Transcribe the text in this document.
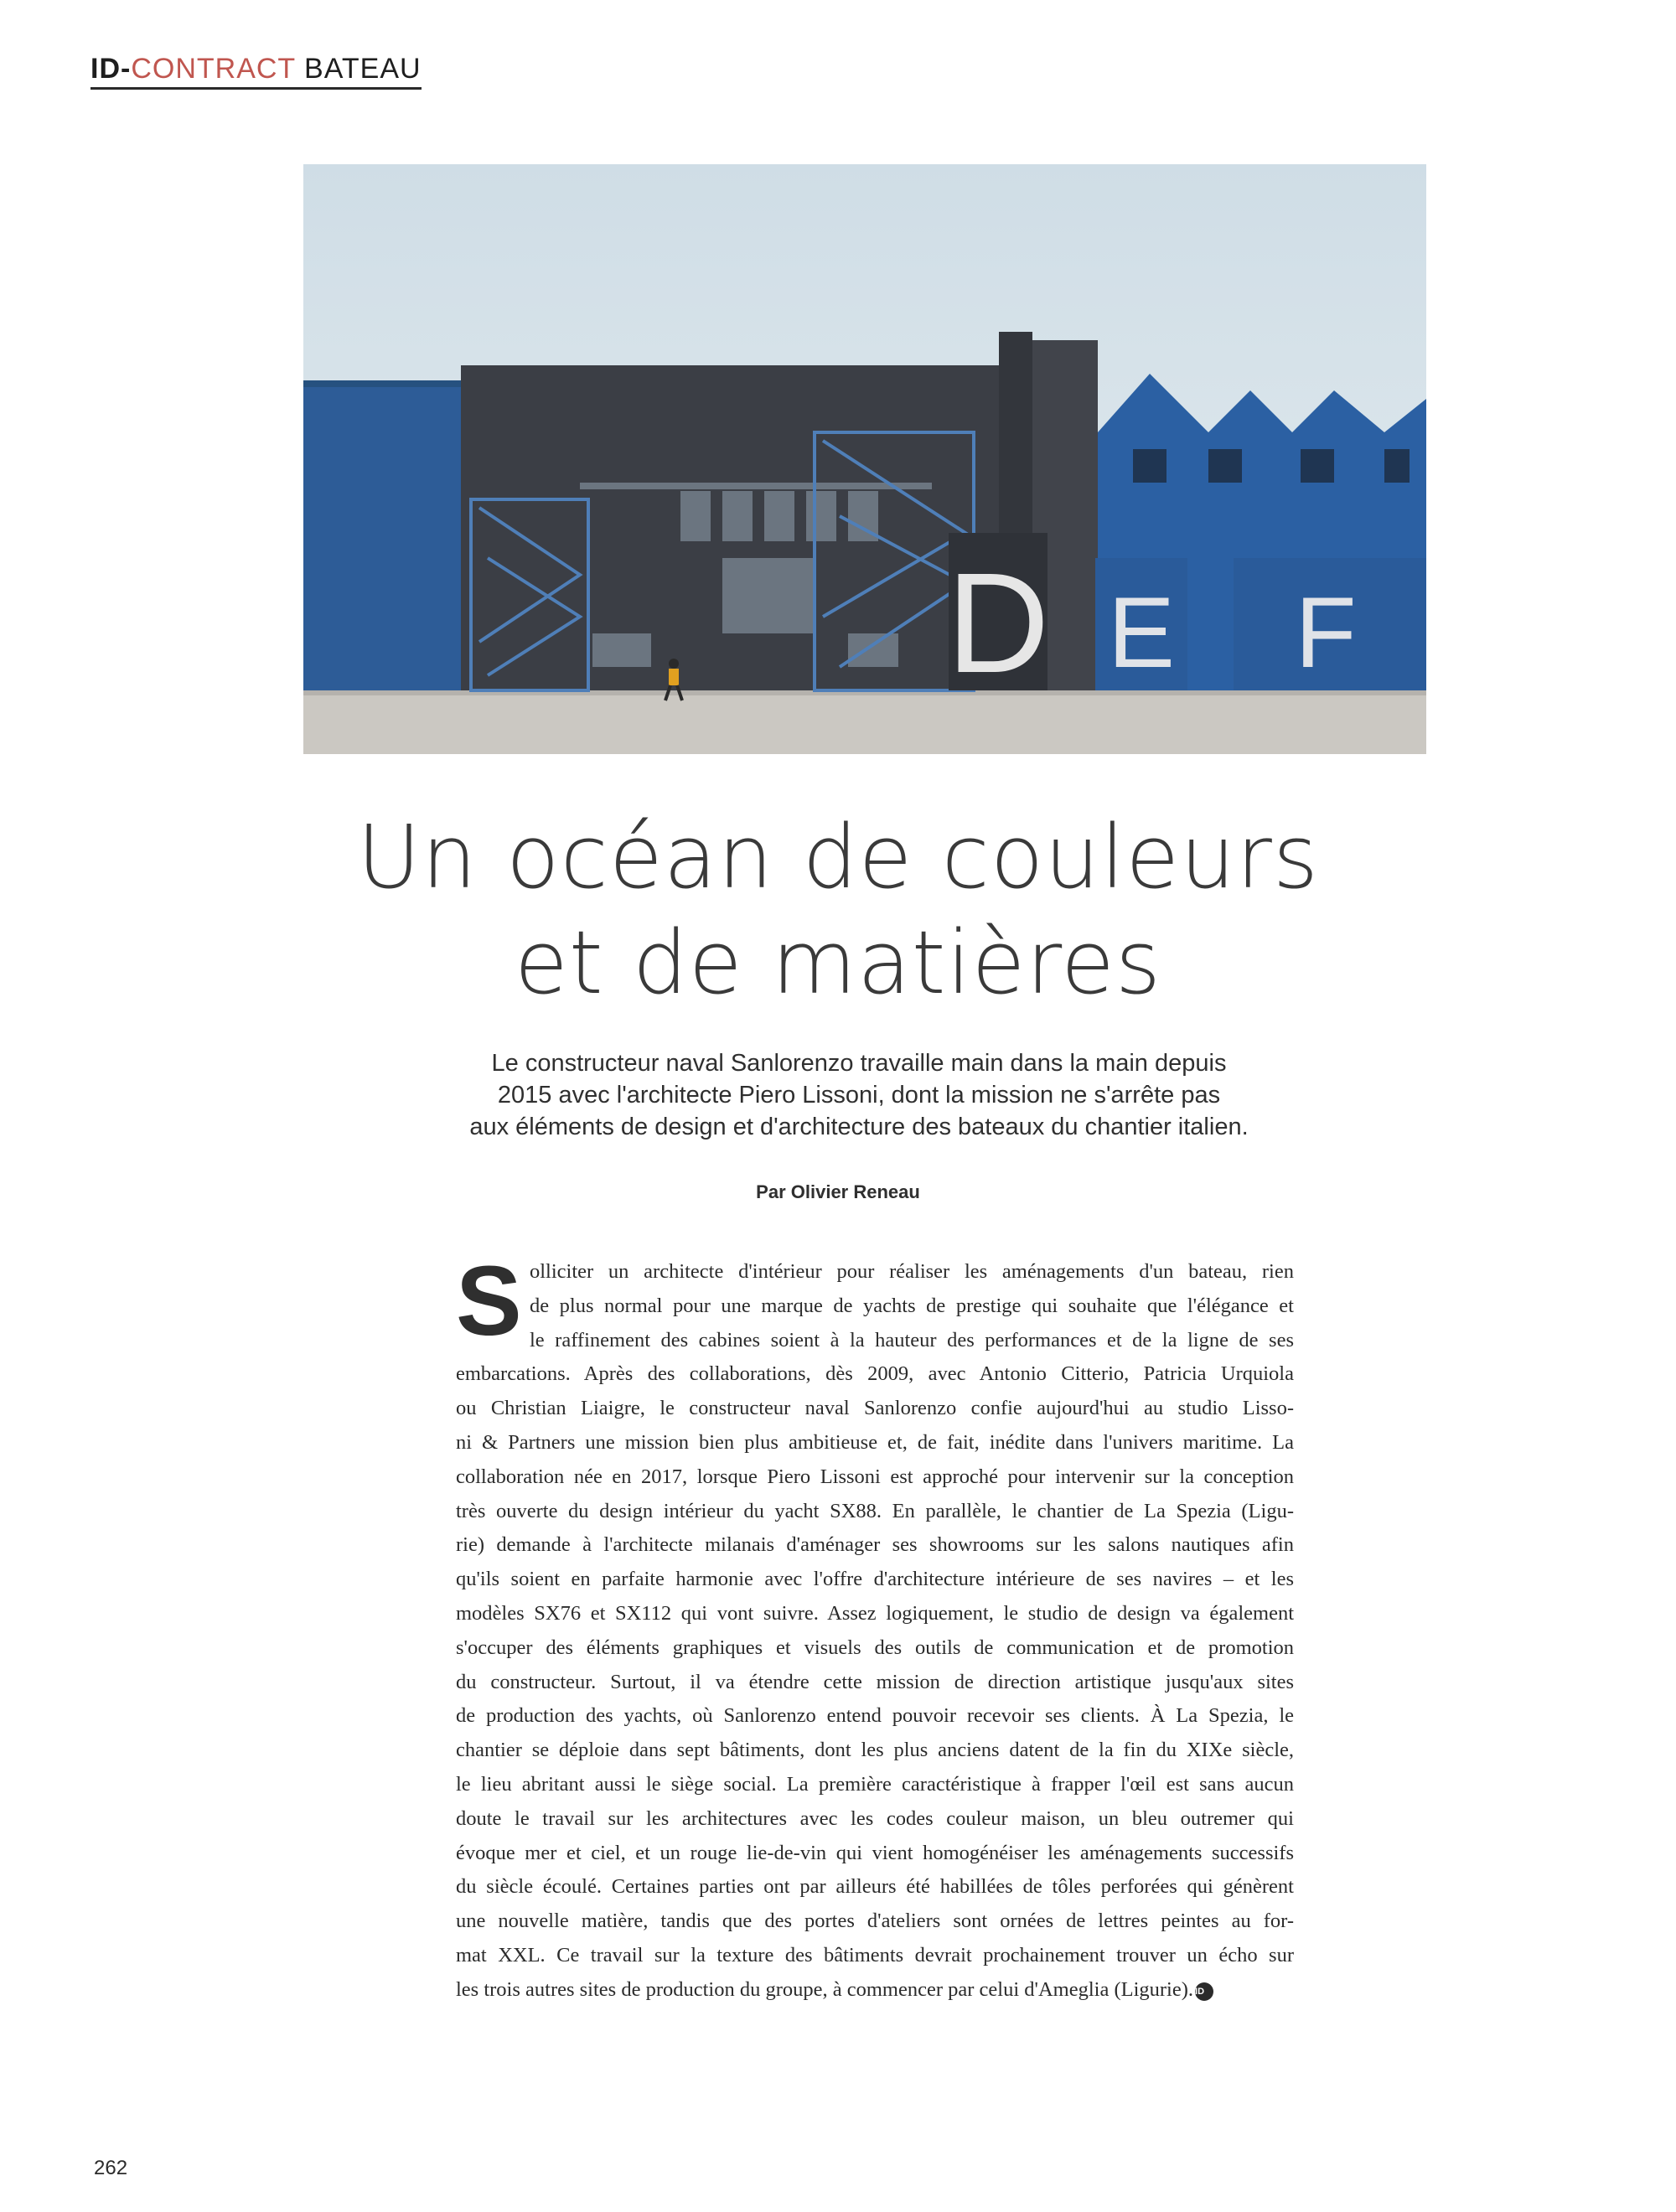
ID-CONTRACT BATEAU
D E F
Un océan de couleurs
et de matières

Le constructeur naval Sanlorenzo travaille main dans la main depuis

2015 avec l'architecte Piero Lissoni, dont la mission ne s'arrête pas

aux éléments de design et d'architecture des bateaux du chantier italien.

Par Olivier Reneau
S olliciter un architecte d'intérieur pour réaliser les aménagements d'un bateau, rien
de plus normal pour une marque de yachts de prestige qui souhaite que l'élégance et
le raffinement des cabines soient à la hauteur des performances et de la ligne de ses
embarcations. Après des collaborations, dès 2009, avec Antonio Citterio, Patricia Urquiola
ou Christian Liaigre, le constructeur naval Sanlorenzo confie aujourd'hui au studio Lisso-
ni & Partners une mission bien plus ambitieuse et, de fait, inédite dans l'univers maritime. La
collaboration née en 2017, lorsque Piero Lissoni est approché pour intervenir sur la conception
très ouverte du design intérieur du yacht SX88. En parallèle, le chantier de La Spezia (Ligu-
rie) demande à l'architecte milanais d'aménager ses showrooms sur les salons nautiques afin
qu'ils soient en parfaite harmonie avec l'offre d'architecture intérieure de ses navires – et les
modèles SX76 et SX112 qui vont suivre. Assez logiquement, le studio de design va également
s'occuper des éléments graphiques et visuels des outils de communication et de promotion
du constructeur. Surtout, il va étendre cette mission de direction artistique jusqu'aux sites
de production des yachts, où Sanlorenzo entend pouvoir recevoir ses clients. À La Spezia, le
chantier se déploie dans sept bâtiments, dont les plus anciens datent de la fin du XIXe siècle,
le lieu abritant aussi le siège social. La première caractéristique à frapper l'œil est sans aucun
doute le travail sur les architectures avec les codes couleur maison, un bleu outremer qui
évoque mer et ciel, et un rouge lie-de-vin qui vient homogénéiser les aménagements successifs
du siècle écoulé. Certaines parties ont par ailleurs été habillées de tôles perforées qui génèrent
une nouvelle matière, tandis que des portes d'ateliers sont ornées de lettres peintes au for-
mat XXL. Ce travail sur la texture des bâtiments devrait prochainement trouver un écho sur
les trois autres sites de production du groupe, à commencer par celui d'Ameglia (Ligurie). ID
262
